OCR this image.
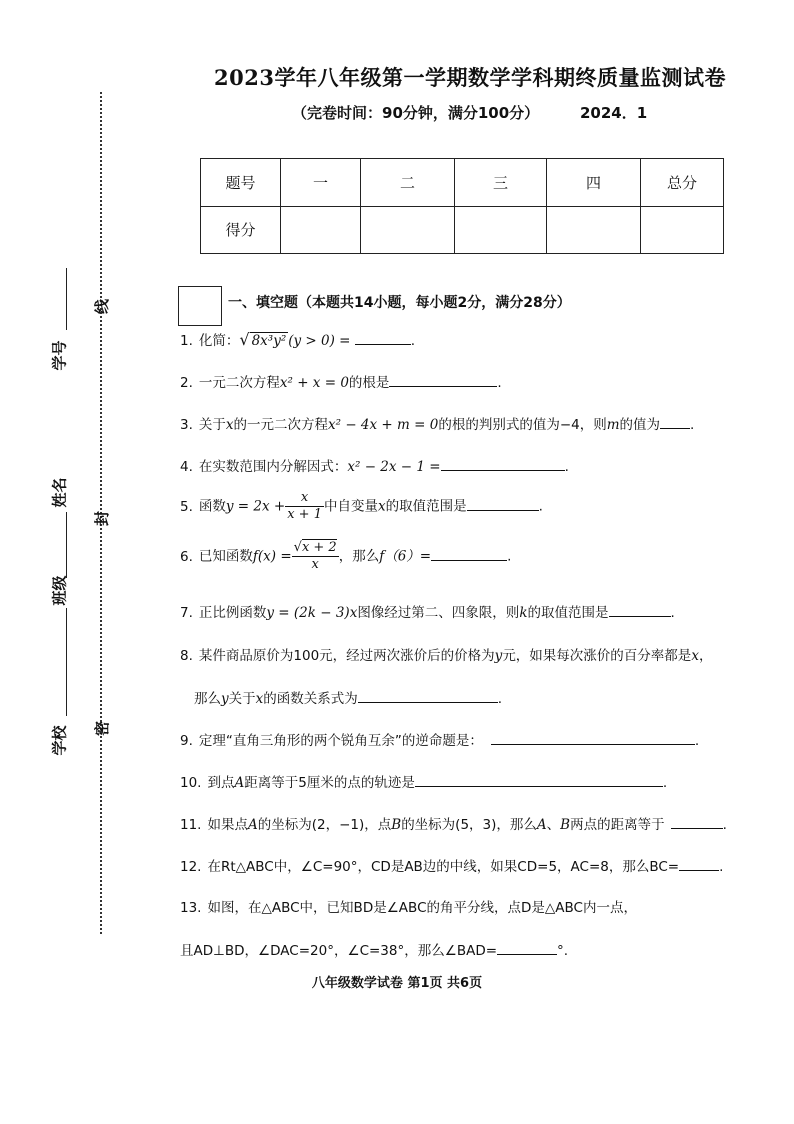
学号
姓名
班级
学校
线
封
密
2023学年八年级第一学期数学学科期终质量监测试卷
（完卷时间：90分钟，满分100分）	2024．1
题号	一	二	三	四	总分
得分					
一、填空题（本题共14小题，每小题2分，满分28分）
1. 化简：√ 8x³y² (y > 0) =	.
2. 一元二次方程x² + x = 0的根是	.
3. 关于x的一元二次方程x² − 4x + m = 0的根的判别式的值为−4，则m的值为 .
4. 在实数范围内分解因式：x² − 2x − 1 =	.
5. 函数$y = 2x + \frac{x}{x + 1}$ 中自变量x的取值范围是	.
6. 已知函数$f(x) = \frac{√x + 2}{x}$ ，那么f（6）=	.
7. 正比例函数y = (2k − 3)x图像经过第二、四象限，则k的取值范围是	.
8. 某件商品原价为100元，经过两次涨价后的价格为y元，如果每次涨价的百分率都是x，
那么y关于x的函数关系式为	.
9. 定理“直角三角形的两个锐角互余”的逆命题是：	.
10. 到点A距离等于5厘米的点的轨迹是	.
11. 如果点A的坐标为(2，−1)，点B的坐标为(5，3)，那么A、B两点的距离等于	.
12. 在Rt△ABC中，∠C=90°，CD是AB边的中线，如果CD=5，AC=8，那么BC=	.
13. 如图，在△ABC中，已知BD是∠ABC的角平分线，点D是△ABC内一点，
且AD⊥BD，∠DAC=20°，∠C=38°，那么∠BAD=	°.
八年级数学试卷 第1页 共6页
